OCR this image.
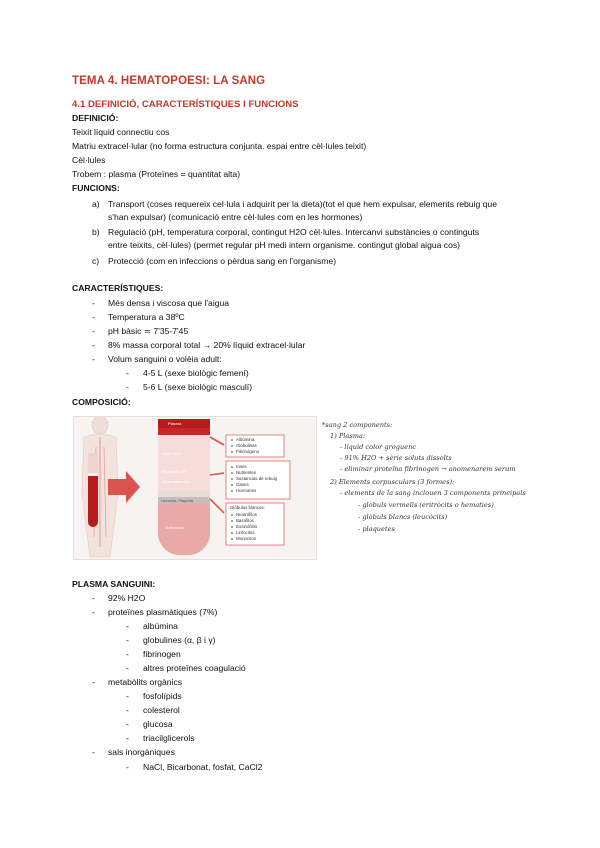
TEMA 4. HEMATOPOESI: LA SANG
4.1 DEFINICIÓ, CARACTERÍSTIQUES I FUNCIONS
DEFINICIÓ:
Teixit líquid connectiu cos
Matriu extracel·lular (no forma estructura conjunta. espai entre cèl·lules teixit)
Cèl·lules
Trobem : plasma (Proteïnes = quantitat alta)
FUNCIONS:
a) Transport (coses requereix cel·lula i adquirit per la dieta)(tot el que hem expulsar, elements rebuig que
s'han expulsar) (comunicació entre cèl·lules com en les hormones)
b) Regulació (pH, temperatura corporal, contingut H2O cèl·lules. Intercanvi substàncies o continguts
entre teixits, cèl·lules) (permet regular pH medi intern organisme. contingut global aigua cos)
c) Protecció (com en infeccions o pèrdua sang en l'organisme)
CARACTERÍSTIQUES:
- Més densa i viscosa que l'aigua
- Temperatura a 38ºC
- pH bàsic ≃ 7'35-7'45
- 8% massa corporal total → 20% líquid extracel·lular
- Volum sanguini o volèia adult:
- 4-5 L (sexe biològic femení)
- 5-6 L (sexe biològic masculí)
COMPOSICIÓ:
Plasma
Agua 91%
Proteínas 7%
Otros solutos 2%
Leucocitos / Plaquetas
Eritrocitos
Albúmina
Globulinas
Fibrinógeno
Iones
Nutrientes
Sustancias de rebuig
Gases
Hormones
Glóbulos blancos:
Neutrófilos
Basófilos
Eosinófilos
Linfocitos
Monocitos
*sang 2 components:
1) Plasma:
- líquid color groguenc
- 91% H2O + sèrie soluts dissolts
- eliminar proteïna fibrinogen → anomenarem serum
2) Elements corpusculars (3 formes):
- elements de la sang inclouen 3 components principals
- glòbuls vermells (eritròcits o hematies)
- glòbuls blancs (leucòcits)
- plaquetes
PLASMA SANGUINI:
- 92% H2O
- proteïnes plasmàtiques (7%)
- albúmina
- globulines (α, β i γ)
- fibrinogen
- altres proteïnes coagulació
- metabòlits orgànics
- fosfolípids
- colesterol
- glucosa
- triacilglicerols
- sals inorgàniques
- NaCl, Bicarbonat, fosfat, CaCl2
